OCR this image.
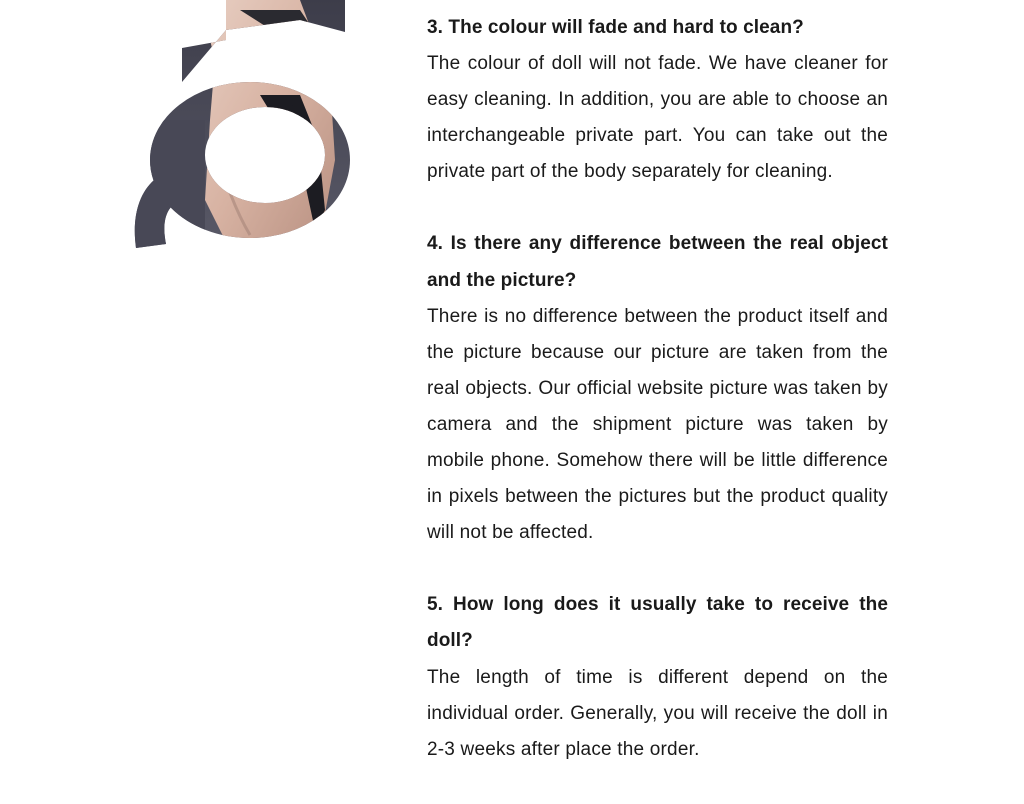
3. The colour will fade and hard to clean?

The colour of doll will not fade. We have cleaner for easy cleaning. In addition, you are able to choose an interchangeable private part. You can take out the private part of the body separately for cleaning.

4. Is there any difference between the real object and the picture?

There is no difference between the product itself and the picture because our picture are taken from the real objects. Our official website picture was taken by camera and the shipment picture was taken by mobile phone. Somehow there will be little difference in pixels between the pictures but the product quality will not be affected.

5. How long does it usually take to receive the doll?

The length of time is different depend on the individual order. Generally, you will receive the doll in 2-3 weeks after place the order.
